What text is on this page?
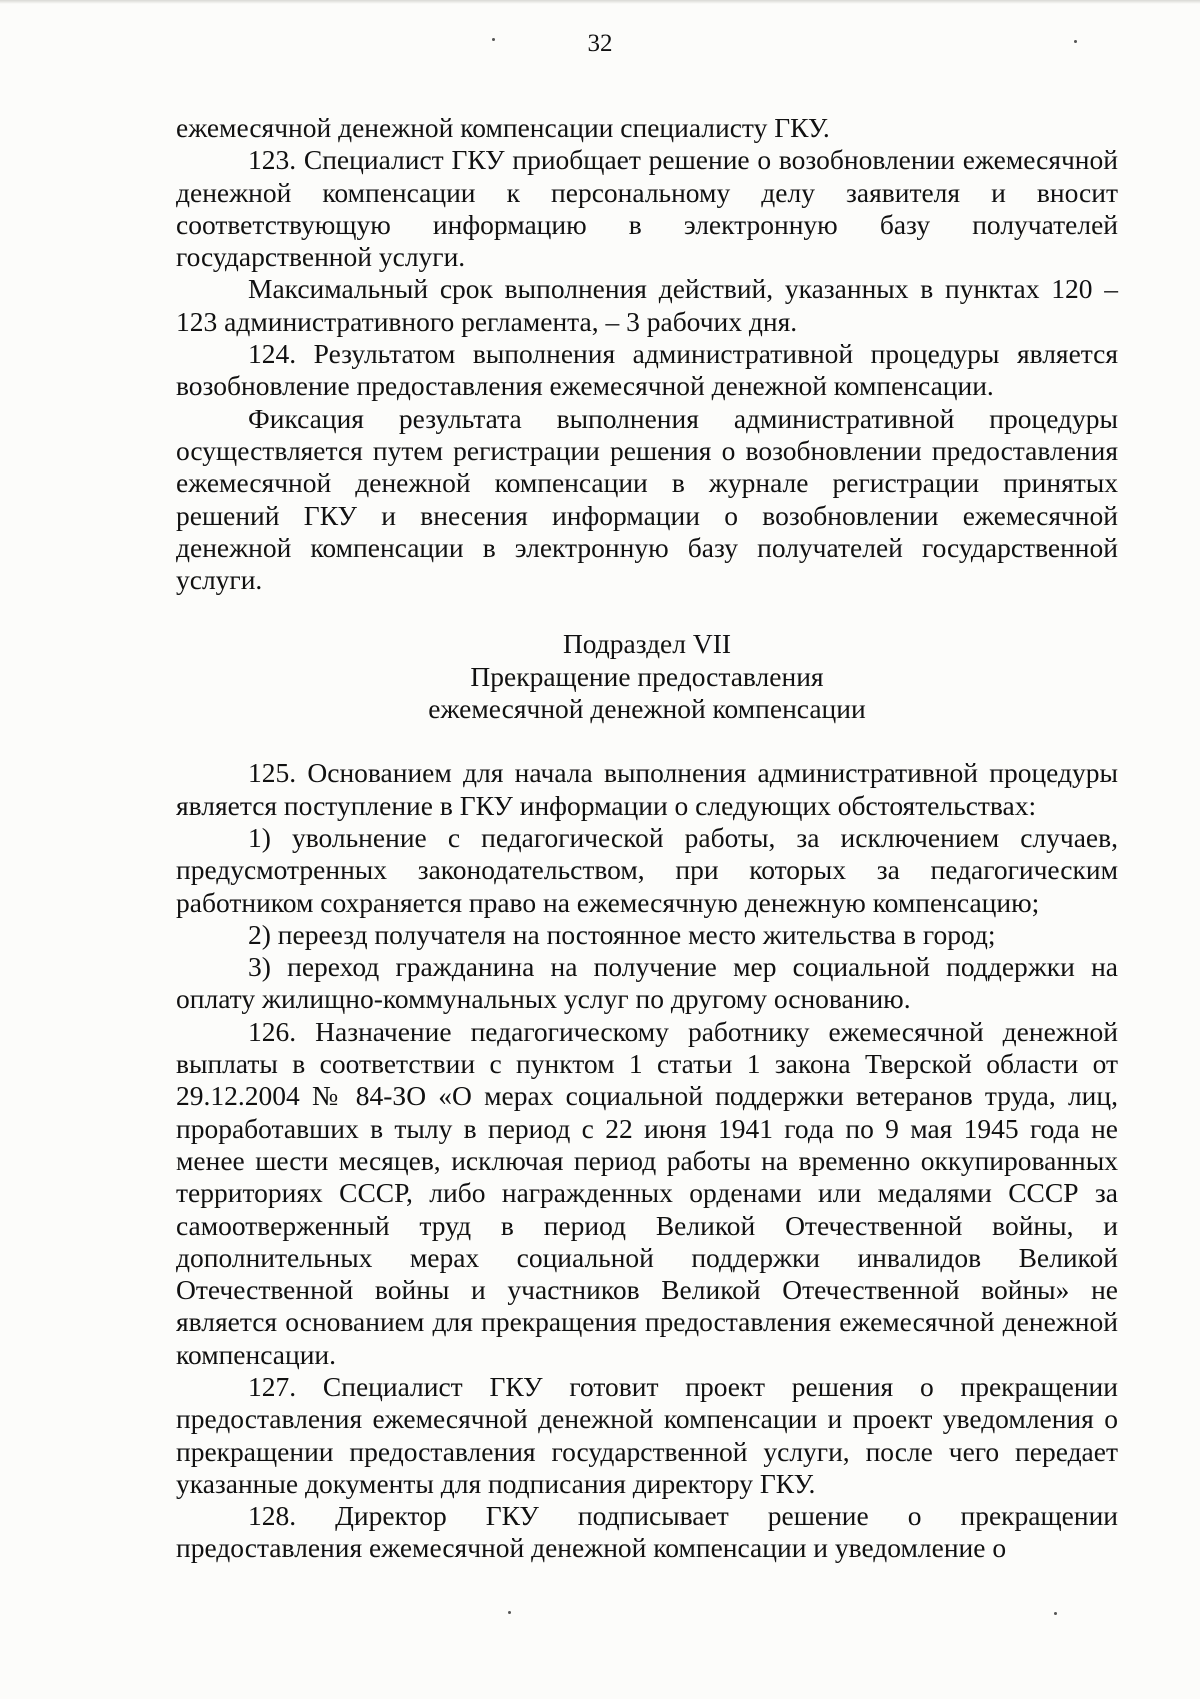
32

ежемесячной денежной компенсации специалисту ГКУ.

123. Специалист ГКУ приобщает решение о возобновлении ежемесячной денежной компенсации к персональному делу заявителя и вносит соответствующую информацию в электронную базу получателей государственной услуги.

Максимальный срок выполнения действий, указанных в пунктах 120 – 123 административного регламента, – 3 рабочих дня.

124. Результатом выполнения административной процедуры является возобновление предоставления ежемесячной денежной компенсации.

Фиксация результата выполнения административной процедуры осуществляется путем регистрации решения о возобновлении предоставления ежемесячной денежной компенсации в журнале регистрации принятых решений ГКУ и внесения информации о возобновлении ежемесячной денежной компенсации в электронную базу получателей государственной услуги.

Подраздел VII

Прекращение предоставления

ежемесячной денежной компенсации

125. Основанием для начала выполнения административной процедуры является поступление в ГКУ информации о следующих обстоятельствах:

1) увольнение с педагогической работы, за исключением случаев, предусмотренных законодательством, при которых за педагогическим работником сохраняется право на ежемесячную денежную компенсацию;

2) переезд получателя на постоянное место жительства в город;

3) переход гражданина на получение мер социальной поддержки на оплату жилищно-коммунальных услуг по другому основанию.

126. Назначение педагогическому работнику ежемесячной денежной выплаты в соответствии с пунктом 1 статьи 1 закона Тверской области от 29.12.2004 № 84-ЗО «О мерах социальной поддержки ветеранов труда, лиц, проработавших в тылу в период с 22 июня 1941 года по 9 мая 1945 года не менее шести месяцев, исключая период работы на временно оккупированных территориях СССР, либо награжденных орденами или медалями СССР за самоотверженный труд в период Великой Отечественной войны, и дополнительных мерах социальной поддержки инвалидов Великой Отечественной войны и участников Великой Отечественной войны» не является основанием для прекращения предоставления ежемесячной денежной компенсации.

127. Специалист ГКУ готовит проект решения о прекращении предоставления ежемесячной денежной компенсации и проект уведомления о прекращении предоставления государственной услуги, после чего передает указанные документы для подписания директору ГКУ.

128. Директор ГКУ подписывает решение о прекращении предоставления ежемесячной денежной компенсации и уведомление о
